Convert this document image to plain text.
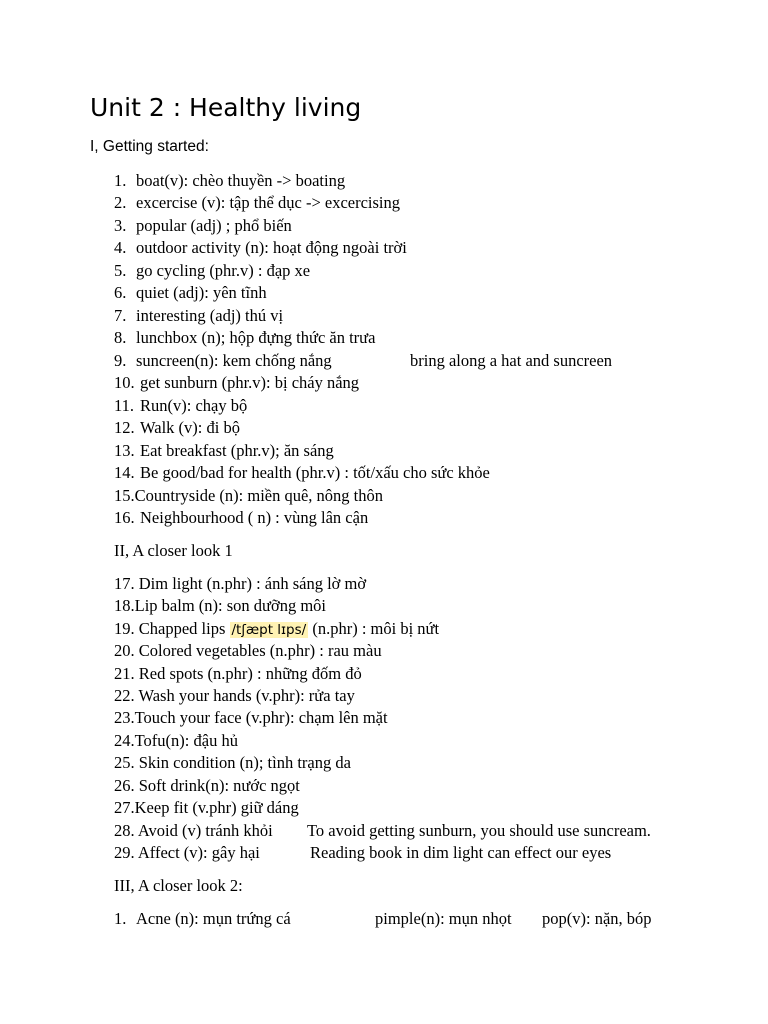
Unit 2 : Healthy living
I, Getting started:
1. boat(v): chèo thuyền -> boating
2. excercise (v): tập thể dục -> excercising
3. popular (adj) ; phổ biến
4. outdoor activity (n): hoạt động ngoài trời
5. go cycling (phr.v) : đạp xe
6. quiet (adj): yên tĩnh
7. interesting (adj) thú vị
8. lunchbox (n); hộp đựng thức ăn trưa
9. suncreen(n): kem chống nắng	bring along a hat and suncreen
10. get sunburn (phr.v): bị cháy nắng
11. Run(v): chạy bộ
12. Walk (v): đi bộ
13. Eat breakfast (phr.v); ăn sáng
14. Be good/bad for health (phr.v) : tốt/xấu cho sức khỏe
15.Countryside (n): miền quê, nông thôn
16. Neighbourhood ( n) : vùng lân cận
II, A closer look 1
17. Dim light (n.phr) : ánh sáng lờ mờ
18.Lip balm (n): son dưỡng môi
19. Chapped lips /tʃæpt lɪps/ (n.phr) : môi bị nứt
20. Colored vegetables (n.phr) : rau màu
21. Red spots (n.phr) : những đốm đỏ
22. Wash your hands (v.phr): rửa tay
23.Touch your face (v.phr): chạm lên mặt
24.Tofu(n): đậu hủ
25. Skin condition (n); tình trạng da
26. Soft drink(n): nước ngọt
27.Keep fit (v.phr) giữ dáng
28. Avoid (v) tránh khỏi To avoid getting sunburn, you should use suncream.
29. Affect (v): gây hại	Reading book in dim light can effect our eyes
III, A closer look 2:
1. Acne (n): mụn trứng cá	pimple(n): mụn nhọt pop(v): nặn, bóp
